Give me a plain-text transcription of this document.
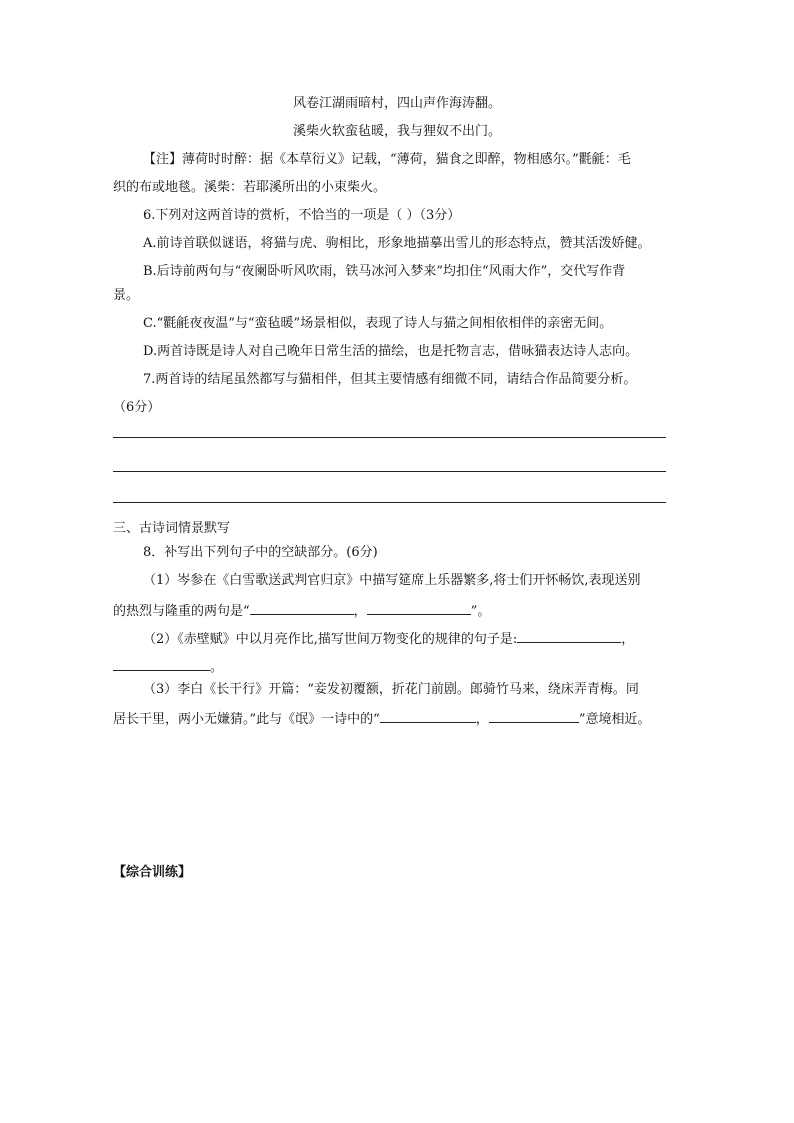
风卷江湖雨暗村，四山声作海涛翻。
溪柴火软蛮毡暖，我与狸奴不出门。
【注】薄荷时时醉：据《本草衍义》记载，“薄荷，猫食之即醉，物相感尔。”氍毹：毛
织的布或地毯。溪柴：若耶溪所出的小束柴火。
6.下列对这两首诗的赏析，不恰当的一项是（ ）（3分）
A.前诗首联似谜语，将猫与虎、驹相比，形象地描摹出雪儿的形态特点，赞其活泼娇健。
B.后诗前两句与“夜阑卧听风吹雨，铁马冰河入梦来”均扣住“风雨大作”，交代写作背
景。
C.“氍毹夜夜温”与“蛮毡暖”场景相似，表现了诗人与猫之间相依相伴的亲密无间。
D.两首诗既是诗人对自己晚年日常生活的描绘，也是托物言志，借咏猫表达诗人志向。
7.两首诗的结尾虽然都写与猫相伴，但其主要情感有细微不同，请结合作品简要分析。
（6分）
三、古诗词情景默写
8．补写出下列句子中的空缺部分。(6分)
（1）岑参在《白雪歌送武判官归京》中描写筵席上乐器繁多,将士们开怀畅饮,表现送别
的热烈与隆重的两句是“	，	”。
（2）《赤壁赋》中以月亮作比,描写世间万物变化的规律的句子是:	，
。
（3）李白《长干行》开篇：“妾发初覆额，折花门前剧。郎骑竹马来，绕床弄青梅。同
居长干里，两小无嫌猜。”此与《氓》一诗中的“	，	”意境相近。
【综合训练】
